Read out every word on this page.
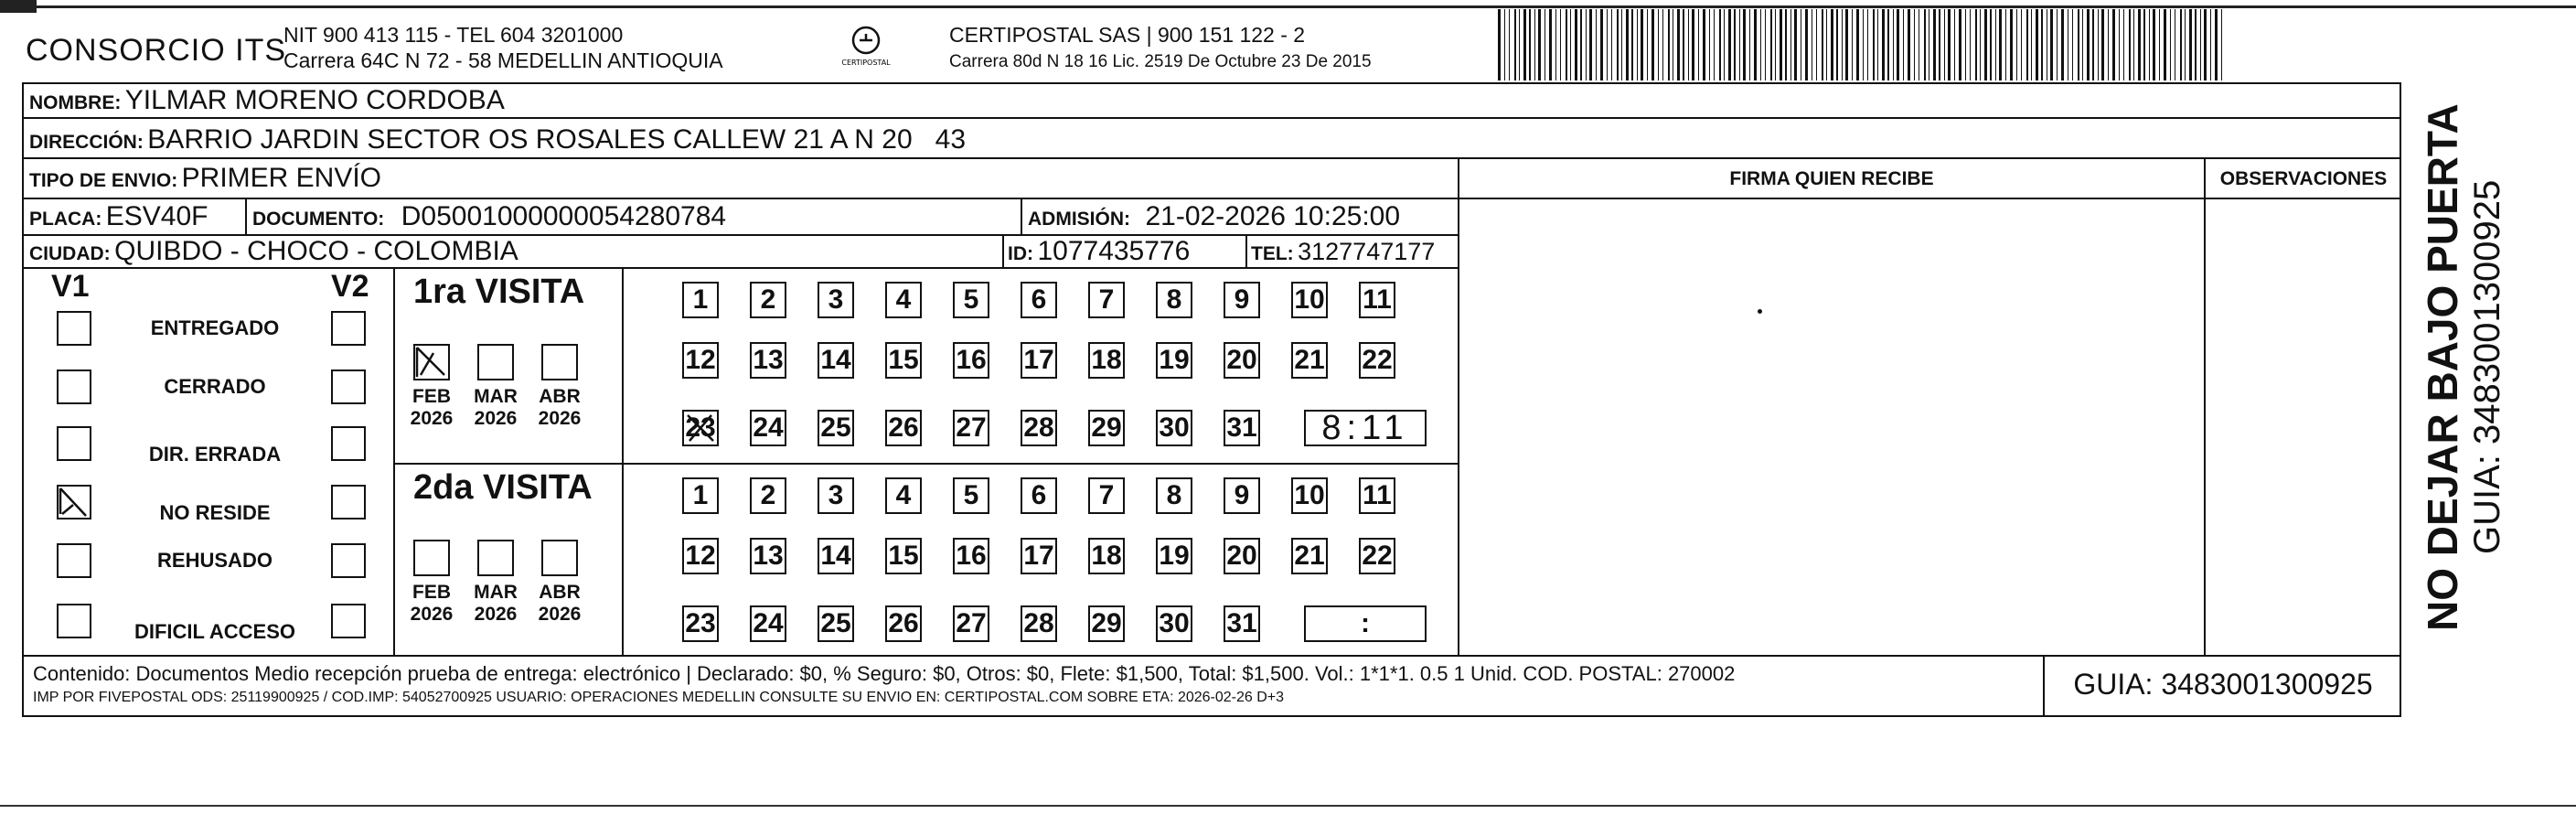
CONSORCIO ITS
NIT 900 413 115 - TEL 604 3201000
Carrera 64C N 72 - 58 MEDELLIN ANTIOQUIA	CERTIPOSTAL
CERTIPOSTAL SAS | 900 151 122 - 2
Carrera 80d N 18 16 Lic. 2519 De Octubre 23 De 2015
NOMBRE: YILMAR MORENO CORDOBA
DIRECCIÓN: BARRIO JARDIN SECTOR OS ROSALES CALLEW 21 A N 20   43
TIPO DE ENVIO: PRIMER ENVÍO	FIRMA QUIEN RECIBE	OBSERVACIONES
PLACA: ESV40F DOCUMENTO: D05001000000054280784	ADMISIÓN: 21-02-2026 10:25:00
CIUDAD: QUIBDO - CHOCO - COLOMBIA	ID: 1077435776	TEL: 3127747177
V1	V2
ENTREGADO
CERRADO
DIR. ERRADA
NO RESIDE
REHUSADO
DIFICIL ACCESO
1ra VISITA
FEB
2026
MAR
2026
ABR
2026
1	2	3	4	5	6	7	8	9	10 11
12 13 14 15 16 17 18 19 20 21 22
23 24 25 26 27 28 29 30 31	8:11
2da VISITA
FEB
2026
MAR
2026
ABR
2026
1	2	3	4	5	6	7	8	9	10 11
12 13 14 15 16 17 18 19 20 21 22
23 24 25 26 27 28 29 30 31	:
Contenido: Documentos Medio recepción prueba de entrega: electrónico | Declarado: $0, % Seguro: $0, Otros: $0, Flete: $1,500, Total: $1,500. Vol.: 1*1*1. 0.5 1 Unid. COD. POSTAL: 270002
IMP POR FIVEPOSTAL ODS: 25119900925 / COD.IMP: 54052700925 USUARIO: OPERACIONES MEDELLIN CONSULTE SU ENVIO EN: CERTIPOSTAL.COM SOBRE ETA: 2026-02-26 D+3	GUIA: 3483001300925
NO DEJAR BAJO PUERTA GUIA: 3483001300925
